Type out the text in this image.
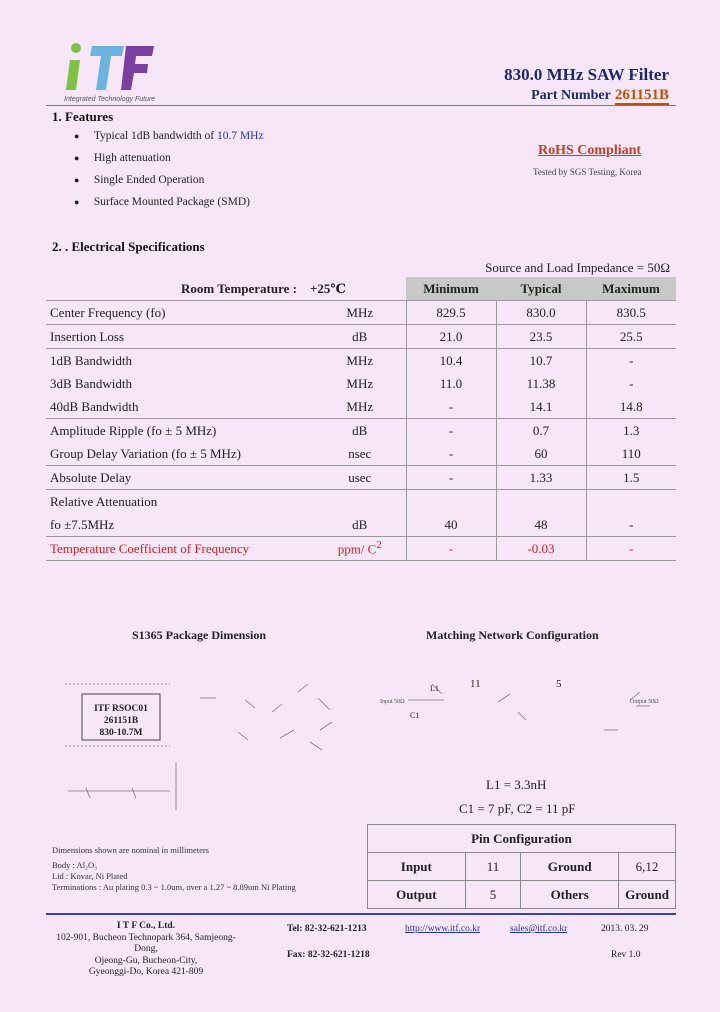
Integrated Technology Future
830.0 MHz SAW Filter
Part Number 261151B
1. Features
● Typical 1dB bandwidth of 10.7 MHz
● High attenuation
● Single Ended Operation
● Surface Mounted Package (SMD)
RoHS Compliant
Tested by SGS Testing, Korea
2. . Electrical Specifications
Source and Load Impedance = 50Ω
Room Temperature : +25℃		Minimum	Typical	Maximum
Center Frequency (fo)	MHz	829.5	830.0	830.5
Insertion Loss	dB	21.0	23.5	25.5
1dB Bandwidth	MHz	10.4	10.7	-
3dB Bandwidth	MHz	11.0	11.38	-
40dB Bandwidth	MHz	-	14.1	14.8
Amplitude Ripple (fo ± 5 MHz)	dB	-	0.7	1.3
Group Delay Variation (fo ± 5 MHz)	nsec	-	60	110
Absolute Delay	usec	-	1.33	1.5
Relative Attenuation				
fo ±7.5MHz	dB	40	48	-
Temperature Coefficient of Frequency	ppm/ $C^2$	-	-0.03	-
S1365 Package Dimension
ITF RSOC01
261151B
830-10.7M
Dimensions shown are nominal in millimeters
Body : Al₂O₃
Lid : Kovar, Ni Plated
Terminations : Au plating 0.3 ~ 1.0um, over a 1.27 ~ 8.89um Ni Plating
Matching Network Configuration
11	5
L1
C1
Input 50Ω	Output 50Ω
L1 = 3.3nH
C1 = 7 pF, C2 = 11 pF
Pin Configuration			
Input	11	Ground	6,12
Output	5	Others	Ground
I T F Co., Ltd.
102-901, Bucheon Technopark 364, Samjeong-Dong,
Ojeong-Gu, Bucheon-City,
Gyeonggi-Do, Korea 421-809
Tel: 82-32-621-1213
Fax: 82-32-621-1218
http://www.itf.co.kr	sales@itf.co.kr	2013. 03. 29
Rev 1.0
